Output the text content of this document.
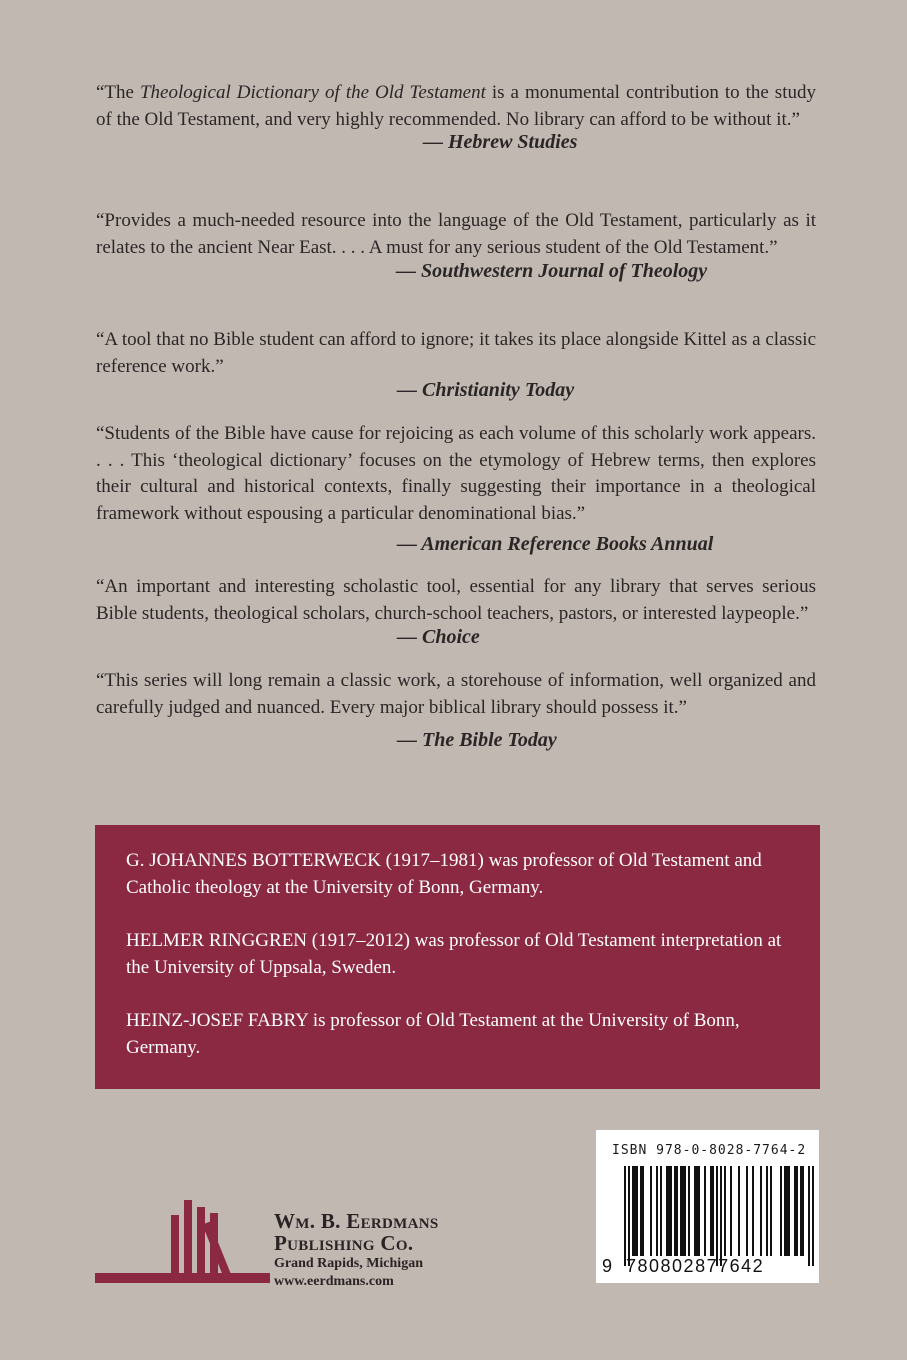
“The Theological Dictionary of the Old Testament is a monumental contribution to the study of the Old Testament, and very highly recommended. No library can afford to be without it.”

— Hebrew Studies

“Provides a much-needed resource into the language of the Old Testament, particularly as it relates to the ancient Near East. . . . A must for any serious student of the Old Testament.”

— Southwestern Journal of Theology

“A tool that no Bible student can afford to ignore; it takes its place alongside Kittel as a classic reference work.”

— Christianity Today

“Students of the Bible have cause for rejoicing as each volume of this scholarly work appears. . . . This ‘theological dictionary’ focuses on the etymology of Hebrew terms, then explores their cultural and historical contexts, finally suggesting their importance in a theological framework without espousing a particular denominational bias.”

— American Reference Books Annual

“An important and interesting scholastic tool, essential for any library that serves serious Bible students, theological scholars, church-school teachers, pastors, or interested laypeople.”

— Choice

“This series will long remain a classic work, a storehouse of information, well organized and carefully judged and nuanced. Every major biblical library should possess it.”

— The Bible Today

G. JOHANNES BOTTERWECK (1917–1981) was professor of Old Testament and Catholic theology at the University of Bonn, Germany.

HELMER RINGGREN (1917–2012) was professor of Old Testament interpretation at the University of Uppsala, Sweden.

HEINZ-JOSEF FABRY is professor of Old Testament at the University of Bonn, Germany.

Wm. B. Eerdmans
Publishing Co.
Grand Rapids, Michigan
www.eerdmans.com
ISBN 978-0-8028-7764-2
9 780802877642
